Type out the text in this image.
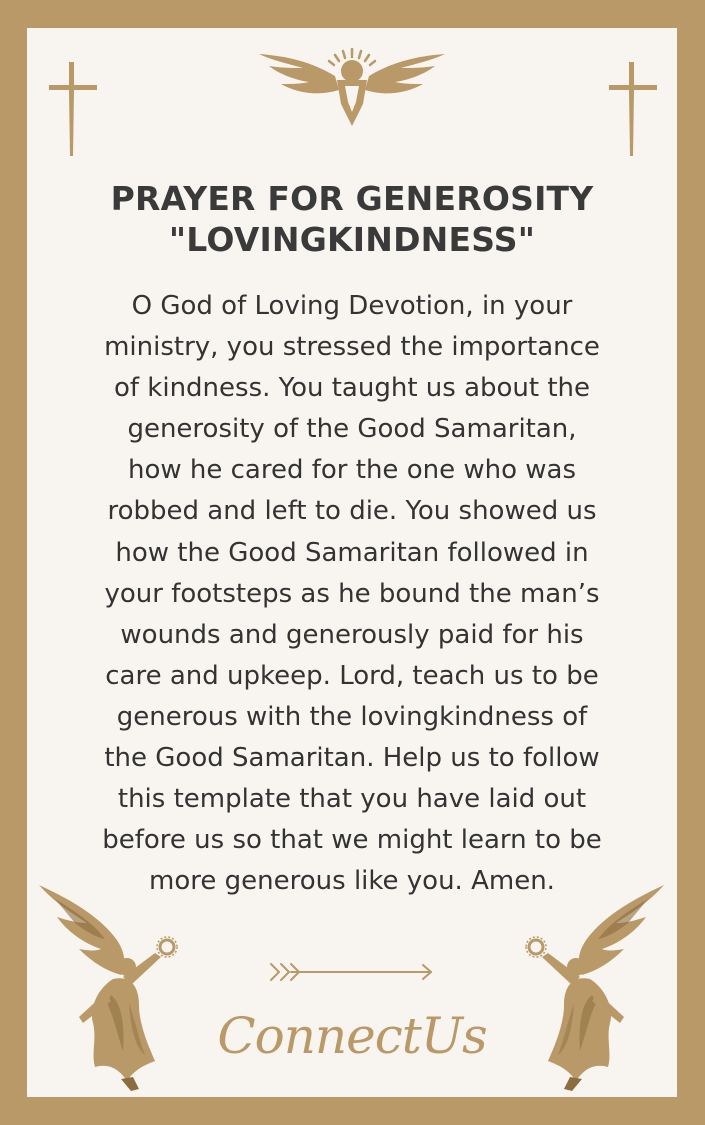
PRAYER FOR GENEROSITY
"LOVINGKINDNESS"
O God of Loving Devotion, in your
ministry, you stressed the importance
of kindness. You taught us about the
generosity of the Good Samaritan,
how he cared for the one who was
robbed and left to die. You showed us
how the Good Samaritan followed in
your footsteps as he bound the man’s
wounds and generously paid for his
care and upkeep. Lord, teach us to be
generous with the lovingkindness of
the Good Samaritan. Help us to follow
this template that you have laid out
before us so that we might learn to be
more generous like you. Amen.
ConnectUs
